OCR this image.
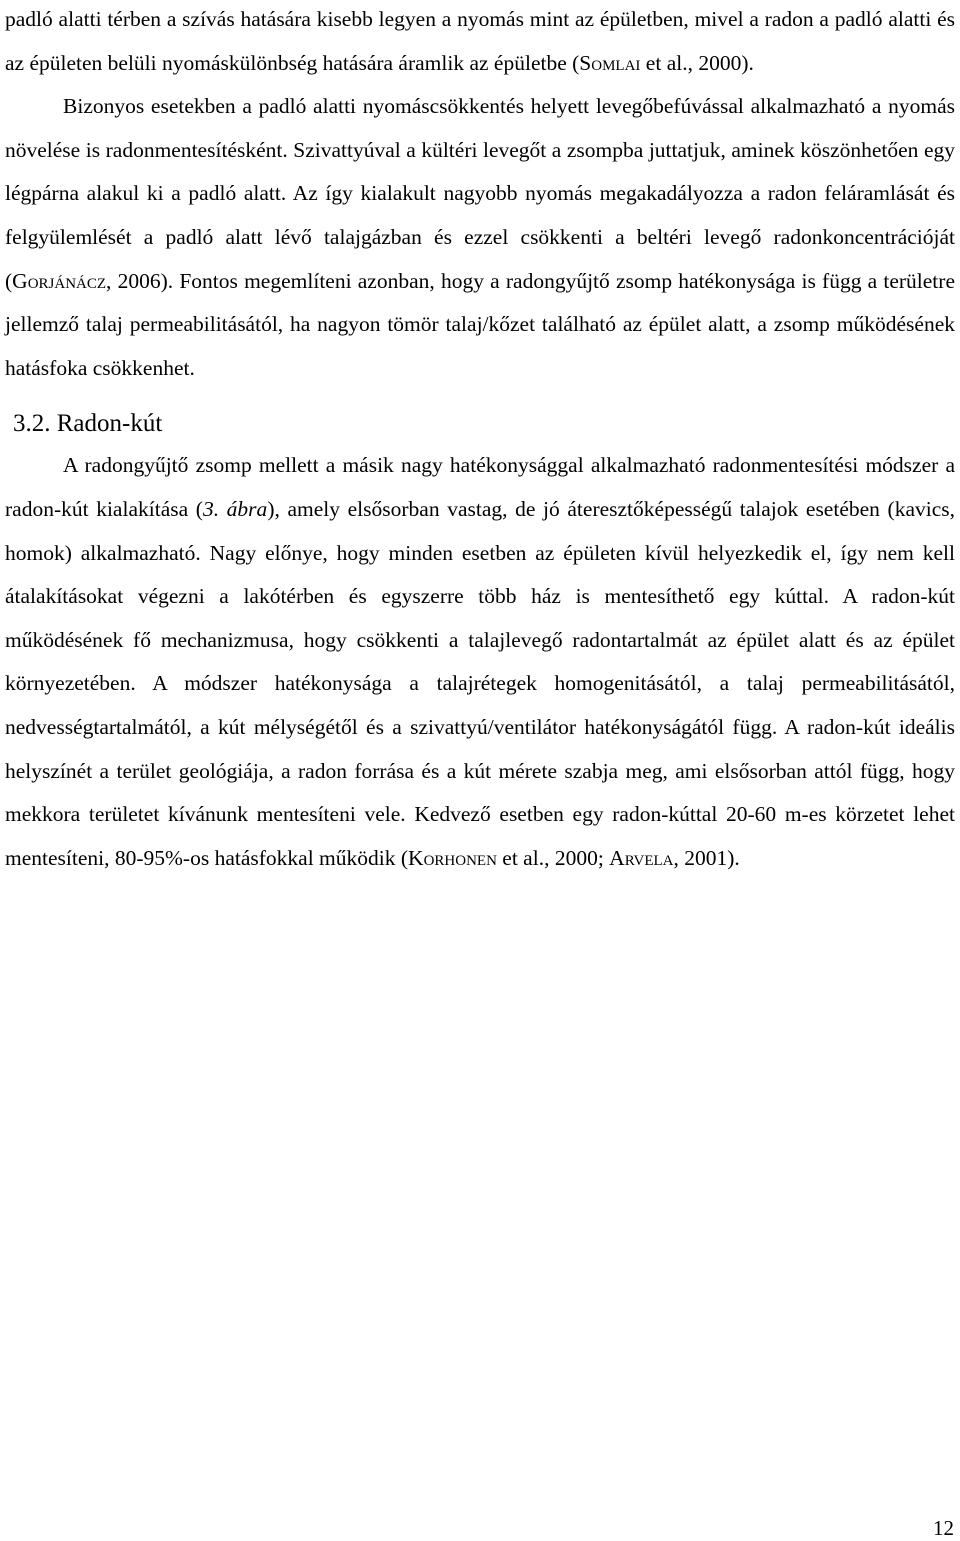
padló alatti térben a szívás hatására kisebb legyen a nyomás mint az épületben, mivel a radon a padló alatti és az épületen belüli nyomáskülönbség hatására áramlik az épületbe (Somlai et al., 2000).

Bizonyos esetekben a padló alatti nyomáscsökkentés helyett levegőbefúvással alkalmazható a nyomás növelése is radonmentesítésként. Szivattyúval a kültéri levegőt a zsompba juttatjuk, aminek köszönhetően egy légpárna alakul ki a padló alatt. Az így kialakult nagyobb nyomás megakadályozza a radon feláramlását és felgyülemlését a padló alatt lévő talajgázban és ezzel csökkenti a beltéri levegő radonkoncentrációját (Gorjánácz, 2006). Fontos megemlíteni azonban, hogy a radongyűjtő zsomp hatékonysága is függ a területre jellemző talaj permeabilitásától, ha nagyon tömör talaj/kőzet található az épület alatt, a zsomp működésének hatásfoka csökkenhet.

3.2. Radon-kút

A radongyűjtő zsomp mellett a másik nagy hatékonysággal alkalmazható radonmentesítési módszer a radon-kút kialakítása (3. ábra), amely elsősorban vastag, de jó áteresztőképességű talajok esetében (kavics, homok) alkalmazható. Nagy előnye, hogy minden esetben az épületen kívül helyezkedik el, így nem kell átalakításokat végezni a lakótérben és egyszerre több ház is mentesíthető egy kúttal. A radon-kút működésének fő mechanizmusa, hogy csökkenti a talajlevegő radontartalmát az épület alatt és az épület környezetében. A módszer hatékonysága a talajrétegek homogenitásától, a talaj permeabilitásától, nedvességtartalmától, a kút mélységétől és a szivattyú/ventilátor hatékonyságától függ. A radon-kút ideális helyszínét a terület geológiája, a radon forrása és a kút mérete szabja meg, ami elsősorban attól függ, hogy mekkora területet kívánunk mentesíteni vele. Kedvező esetben egy radon-kúttal 20-60 m-es körzetet lehet mentesíteni, 80-95%-os hatásfokkal működik (Korhonen et al., 2000; Arvela, 2001).

12
